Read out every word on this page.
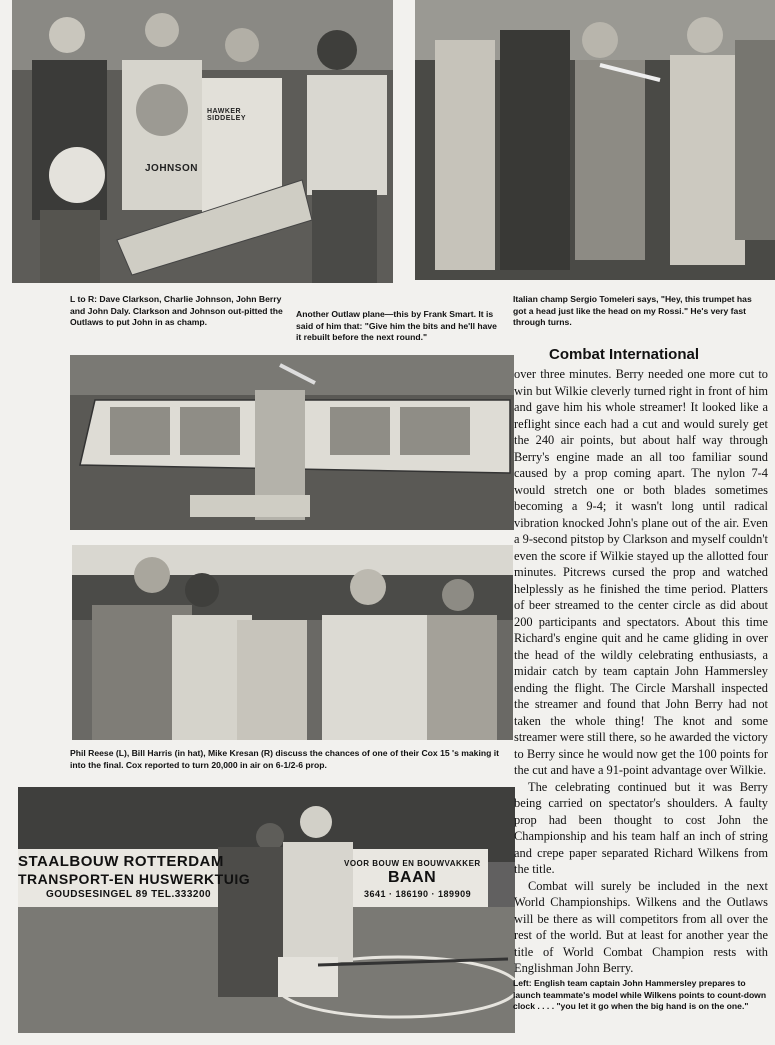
JOHNSON
HAWKER SIDDELEY
L to R: Dave Clarkson, Charlie Johnson, John Berry and John Daly. Clarkson and Johnson out-pitted the Outlaws to put John in as champ.
Another Outlaw plane—this by Frank Smart. It is said of him that: "Give him the bits and he'll have it rebuilt before the next round."
Italian champ Sergio Tomeleri says, "Hey, this trumpet has got a head just like the head on my Rossi." He's very fast through turns.
Phil Reese (L), Bill Harris (in hat), Mike Kresan (R) discuss the chances of one of their Cox 15 's making it into the final. Cox reported to turn 20,000 in air on 6-1/2-6 prop.
STAALBOUW ROTTERDAM
TRANSPORT-EN HUSWERKTUIG
GOUDSESINGEL 89 TEL.333200
VOOR BOUW EN BOUWVAKKER
BAAN
3641 · 186190 · 189909
Combat International

over three minutes. Berry needed one more cut to win but Wilkie cleverly turned right in front of him and gave him his whole streamer! It looked like a reflight since each had a cut and would surely get the 240 air points, but about half way through Berry's engine made an all too familiar sound caused by a prop coming apart. The nylon 7-4 would stretch one or both blades sometimes becoming a 9-4; it wasn't long until radical vibration knocked John's plane out of the air. Even a 9-second pitstop by Clarkson and myself couldn't even the score if Wilkie stayed up the allotted four minutes. Pitcrews cursed the prop and watched helplessly as he finished the time period. Platters of beer streamed to the center circle as did about 200 participants and spectators. About this time Richard's engine quit and he came gliding in over the head of the wildly celebrating enthusiasts, a midair catch by team captain John Hammersley ending the flight. The Circle Marshall inspected the streamer and found that John Berry had not taken the whole thing! The knot and some streamer were still there, so he awarded the victory to Berry since he would now get the 100 points for the cut and have a 91-point advantage over Wilkie.

The celebrating continued but it was Berry being carried on spectator's shoulders. A faulty prop had been thought to cost John the Championship and his team half an inch of string and crepe paper separated Richard Wilkens from the title.

Combat will surely be included in the next World Championships. Wilkens and the Outlaws will be there as will competitors from all over the rest of the world. But at least for another year the title of World Combat Champion rests with Englishman John Berry.

Left: English team captain John Hammersley prepares to launch teammate's model while Wilkens points to count-down clock . . . . "you let it go when the big hand is on the one."
